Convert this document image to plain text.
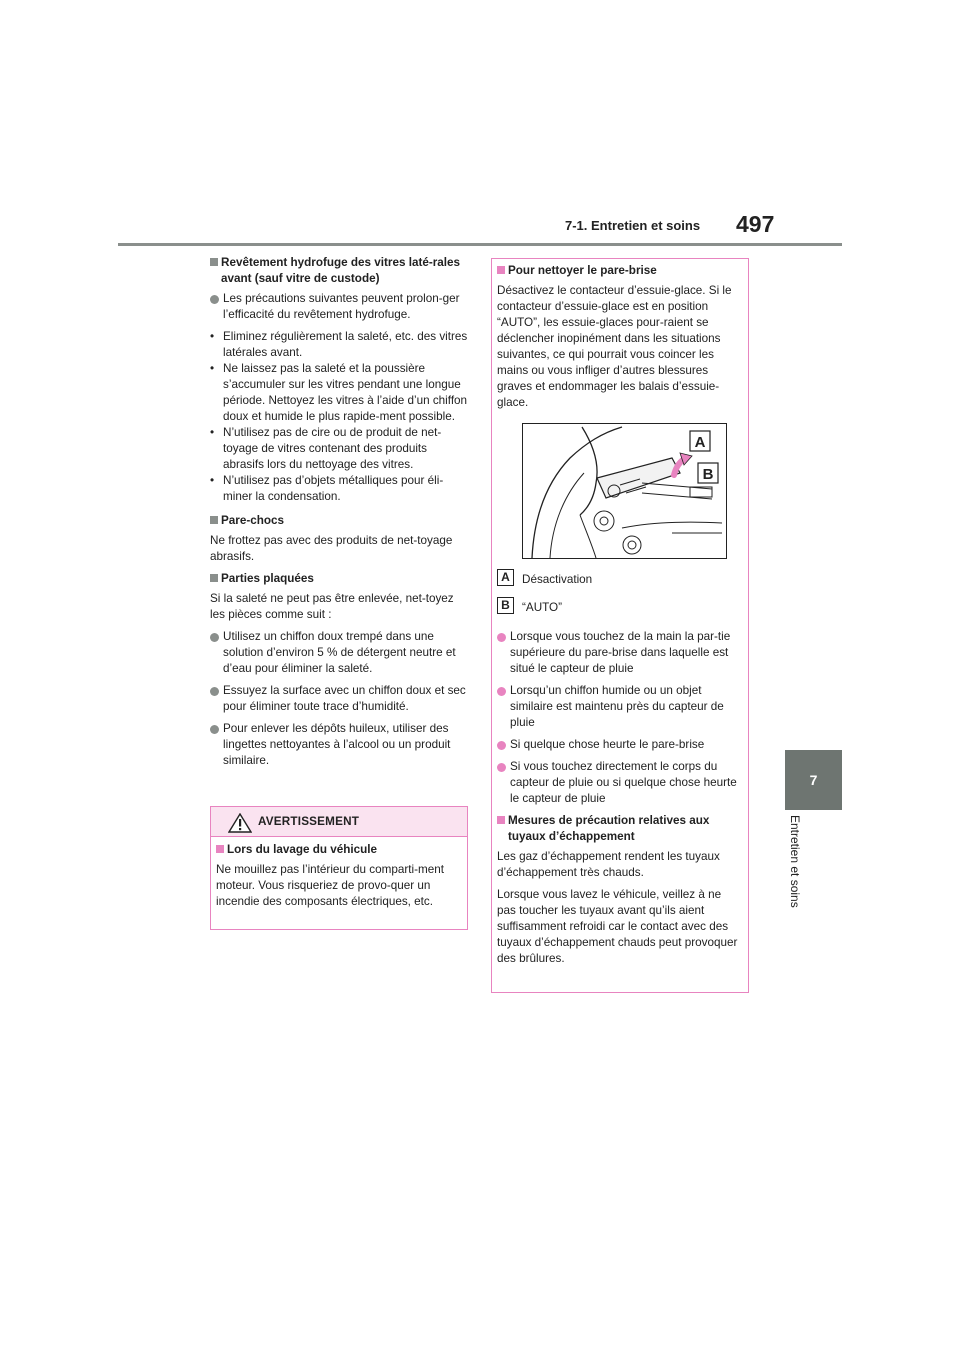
7-1. Entretien et soins 497
7
Entretien et soins
Revêtement hydrofuge des vitres laté-rales avant (sauf vitre de custode)
Les précautions suivantes peuvent prolon-ger l’efficacité du revêtement hydrofuge.
• Eliminez régulièrement la saleté, etc. des vitres latérales avant.
• Ne laissez pas la saleté et la poussière s’accumuler sur les vitres pendant une longue période. Nettoyez les vitres à l’aide d’un chiffon doux et humide le plus rapide-ment possible.
• N’utilisez pas de cire ou de produit de net-toyage de vitres contenant des produits abrasifs lors du nettoyage des vitres.
• N’utilisez pas d’objets métalliques pour éli-miner la condensation.
Pare-chocs
Ne frottez pas avec des produits de net-toyage abrasifs.
Parties plaquées
Si la saleté ne peut pas être enlevée, net-toyez les pièces comme suit :
Utilisez un chiffon doux trempé dans une solution d’environ 5 % de détergent neutre et d’eau pour éliminer la saleté.
Essuyez la surface avec un chiffon doux et sec pour éliminer toute trace d’humidité.
Pour enlever les dépôts huileux, utiliser des lingettes nettoyantes à l’alcool ou un produit similaire.
AVERTISSEMENT
Lors du lavage du véhicule
Ne mouillez pas l’intérieur du comparti-ment moteur. Vous risqueriez de provo-quer un incendie des composants électriques, etc.
Pour nettoyer le pare-brise
Désactivez le contacteur d’essuie-glace. Si le contacteur d’essuie-glace est en position “AUTO”, les essuie-glaces pour-raient se déclencher inopinément dans les situations suivantes, ce qui pourrait vous coincer les mains ou vous infliger d’autres blessures graves et endommager les balais d’essuie-glace.
A
B
A	Désactivation
B	“AUTO”
Lorsque vous touchez de la main la par-tie supérieure du pare-brise dans laquelle est situé le capteur de pluie
Lorsqu’un chiffon humide ou un objet similaire est maintenu près du capteur de pluie
Si quelque chose heurte le pare-brise
Si vous touchez directement le corps du capteur de pluie ou si quelque chose heurte le capteur de pluie
Mesures de précaution relatives aux tuyaux d’échappement
Les gaz d’échappement rendent les tuyaux d’échappement très chauds.
Lorsque vous lavez le véhicule, veillez à ne pas toucher les tuyaux avant qu’ils aient suffisamment refroidi car le contact avec des tuyaux d’échappement chauds peut provoquer des brûlures.
